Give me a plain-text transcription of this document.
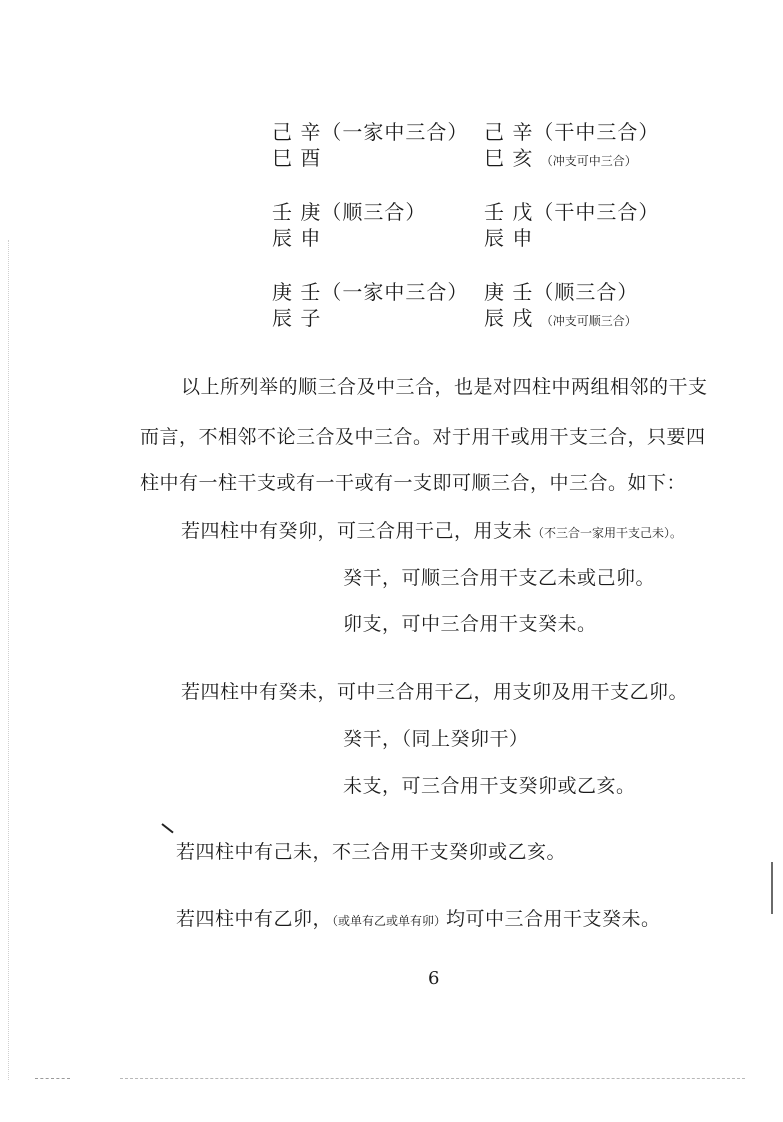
己 辛（一家中三合）
巳 酉
己 辛（干中三合）
巳 亥 （冲支可中三合）
壬 庚（顺三合）
辰 申
壬 戊（干中三合）
辰 申
庚 壬（一家中三合）
辰 子
庚 壬（顺三合）
辰 戌 （冲支可顺三合）
以上所列举的顺三合及中三合，也是对四柱中两组相邻的干支
而言，不相邻不论三合及中三合。对于用干或用干支三合，只要四
柱中有一柱干支或有一干或有一支即可顺三合，中三合。如下：
若四柱中有癸卯，可三合用干己，用支未（不三合一家用干支己未）。
癸干，可顺三合用干支乙未或己卯。
卯支，可中三合用干支癸未。
若四柱中有癸未，可中三合用干乙，用支卯及用干支乙卯。
癸干，（同上癸卯干）
未支，可三合用干支癸卯或乙亥。
若四柱中有己未，不三合用干支癸卯或乙亥。
若四柱中有乙卯，（或单有乙或单有卯）均可中三合用干支癸未。
6
